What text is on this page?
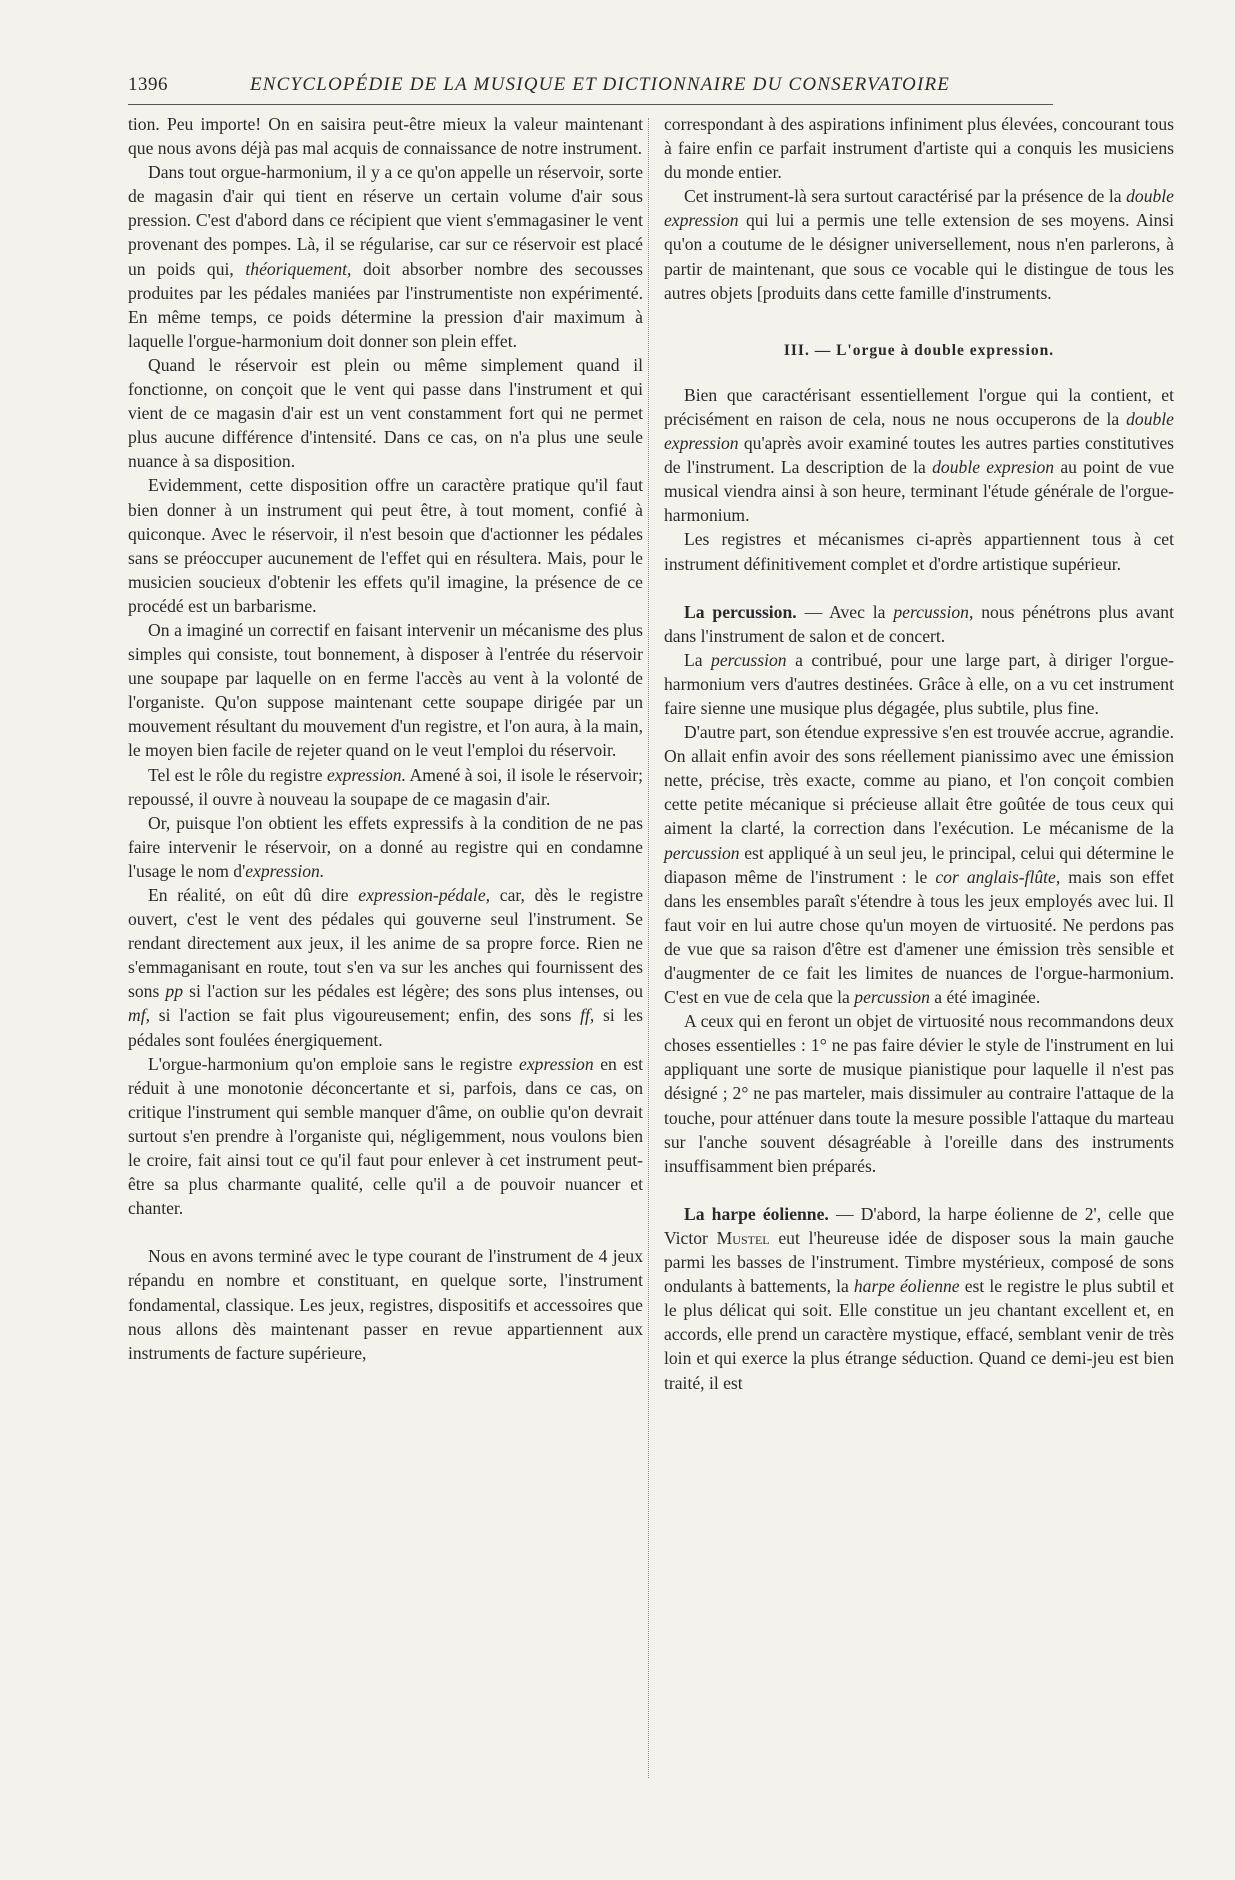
1396	ENCYCLOPÉDIE DE LA MUSIQUE ET DICTIONNAIRE DU CONSERVATOIRE

tion. Peu importe! On en saisira peut-être mieux la valeur maintenant que nous avons déjà pas mal acquis de connaissance de notre instrument.

Dans tout orgue-harmonium, il y a ce qu'on appelle un réservoir, sorte de magasin d'air qui tient en réserve un certain volume d'air sous pression. C'est d'abord dans ce récipient que vient s'emmagasiner le vent provenant des pompes. Là, il se régularise, car sur ce réservoir est placé un poids qui, théoriquement, doit absorber nombre des secousses produites par les pédales maniées par l'instrumentiste non expérimenté. En même temps, ce poids détermine la pression d'air maximum à laquelle l'orgue-harmonium doit donner son plein effet.

Quand le réservoir est plein ou même simplement quand il fonctionne, on conçoit que le vent qui passe dans l'instrument et qui vient de ce magasin d'air est un vent constamment fort qui ne permet plus aucune différence d'intensité. Dans ce cas, on n'a plus une seule nuance à sa disposition.

Evidemment, cette disposition offre un caractère pratique qu'il faut bien donner à un instrument qui peut être, à tout moment, confié à quiconque. Avec le réservoir, il n'est besoin que d'actionner les pédales sans se préoccuper aucunement de l'effet qui en résultera. Mais, pour le musicien soucieux d'obtenir les effets qu'il imagine, la présence de ce procédé est un barbarisme.

On a imaginé un correctif en faisant intervenir un mécanisme des plus simples qui consiste, tout bonnement, à disposer à l'entrée du réservoir une soupape par laquelle on en ferme l'accès au vent à la volonté de l'organiste. Qu'on suppose maintenant cette soupape dirigée par un mouvement résultant du mouvement d'un registre, et l'on aura, à la main, le moyen bien facile de rejeter quand on le veut l'emploi du réservoir.

Tel est le rôle du registre expression. Amené à soi, il isole le réservoir; repoussé, il ouvre à nouveau la soupape de ce magasin d'air.

Or, puisque l'on obtient les effets expressifs à la condition de ne pas faire intervenir le réservoir, on a donné au registre qui en condamne l'usage le nom d'expression.

En réalité, on eût dû dire expression-pédale, car, dès le registre ouvert, c'est le vent des pédales qui gouverne seul l'instrument. Se rendant directement aux jeux, il les anime de sa propre force. Rien ne s'emmaganisant en route, tout s'en va sur les anches qui fournissent des sons pp si l'action sur les pédales est légère; des sons plus intenses, ou mf, si l'action se fait plus vigoureusement; enfin, des sons ff, si les pédales sont foulées énergiquement.

L'orgue-harmonium qu'on emploie sans le registre expression en est réduit à une monotonie déconcertante et si, parfois, dans ce cas, on critique l'instrument qui semble manquer d'âme, on oublie qu'on devrait surtout s'en prendre à l'organiste qui, négligemment, nous voulons bien le croire, fait ainsi tout ce qu'il faut pour enlever à cet instrument peut-être sa plus charmante qualité, celle qu'il a de pouvoir nuancer et chanter.

Nous en avons terminé avec le type courant de l'instrument de 4 jeux répandu en nombre et constituant, en quelque sorte, l'instrument fondamental, classique. Les jeux, registres, dispositifs et accessoires que nous allons dès maintenant passer en revue appartiennent aux instruments de facture supérieure,

correspondant à des aspirations infiniment plus élevées, concourant tous à faire enfin ce parfait instrument d'artiste qui a conquis les musiciens du monde entier.

Cet instrument-là sera surtout caractérisé par la présence de la double expression qui lui a permis une telle extension de ses moyens. Ainsi qu'on a coutume de le désigner universellement, nous n'en parlerons, à partir de maintenant, que sous ce vocable qui le distingue de tous les autres objets [produits dans cette famille d'instruments.

III. — L'orgue à double expression.

Bien que caractérisant essentiellement l'orgue qui la contient, et précisément en raison de cela, nous ne nous occuperons de la double expression qu'après avoir examiné toutes les autres parties constitutives de l'instrument. La description de la double expresion au point de vue musical viendra ainsi à son heure, terminant l'étude générale de l'orgue-harmonium.

Les registres et mécanismes ci-après appartiennent tous à cet instrument définitivement complet et d'ordre artistique supérieur.

La percussion. — Avec la percussion, nous pénétrons plus avant dans l'instrument de salon et de concert.

La percussion a contribué, pour une large part, à diriger l'orgue-harmonium vers d'autres destinées. Grâce à elle, on a vu cet instrument faire sienne une musique plus dégagée, plus subtile, plus fine.

D'autre part, son étendue expressive s'en est trouvée accrue, agrandie. On allait enfin avoir des sons réellement pianissimo avec une émission nette, précise, très exacte, comme au piano, et l'on conçoit combien cette petite mécanique si précieuse allait être goûtée de tous ceux qui aiment la clarté, la correction dans l'exécution. Le mécanisme de la percussion est appliqué à un seul jeu, le principal, celui qui détermine le diapason même de l'instrument : le cor anglais-flûte, mais son effet dans les ensembles paraît s'étendre à tous les jeux employés avec lui. Il faut voir en lui autre chose qu'un moyen de virtuosité. Ne perdons pas de vue que sa raison d'être est d'amener une émission très sensible et d'augmenter de ce fait les limites de nuances de l'orgue-harmonium. C'est en vue de cela que la percussion a été imaginée.

A ceux qui en feront un objet de virtuosité nous recommandons deux choses essentielles : 1° ne pas faire dévier le style de l'instrument en lui appliquant une sorte de musique pianistique pour laquelle il n'est pas désigné ; 2° ne pas marteler, mais dissimuler au contraire l'attaque de la touche, pour atténuer dans toute la mesure possible l'attaque du marteau sur l'anche souvent désagréable à l'oreille dans des instruments insuffisamment bien préparés.

La harpe éolienne. — D'abord, la harpe éolienne de 2', celle que Victor Mustel eut l'heureuse idée de disposer sous la main gauche parmi les basses de l'instrument. Timbre mystérieux, composé de sons ondulants à battements, la harpe éolienne est le registre le plus subtil et le plus délicat qui soit. Elle constitue un jeu chantant excellent et, en accords, elle prend un caractère mystique, effacé, semblant venir de très loin et qui exerce la plus étrange séduction. Quand ce demi-jeu est bien traité, il est
